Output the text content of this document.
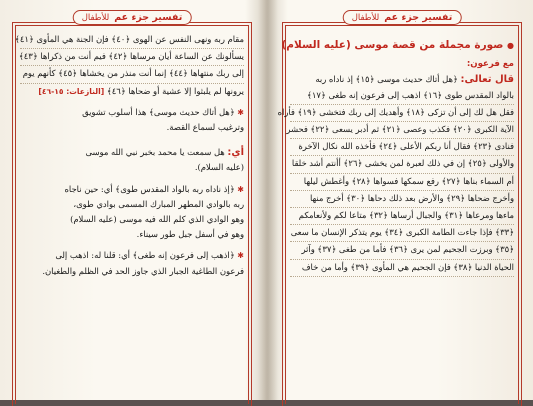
تفسير جزء عم
للأطفال
مقام ربه ونهى النفس عن الهوى ﴿٤٠﴾ فإن الجنة هي المأوى ﴿٤١﴾
يسألونك عن الساعة أيان مرساها ﴿٤٢﴾ فيم أنت من ذكراها ﴿٤٣﴾
إلى ربك منتهاها ﴿٤٤﴾ إنما أنت منذر من يخشاها ﴿٤٥﴾ كأنهم يوم
يرونها لم يلبثوا إلا عشية أو ضحاها ﴿٤٦﴾ [النازعات: ١٥-٤٦]
✱ ﴿هل أتاك حديث موسى﴾ هذا أسلوب تشويق
وترغيب لسماع القصة.
أي: هل سمعت يا محمد بخبر نبي الله موسى
(عليه السلام).
✱ ﴿إذ ناداه ربه بالواد المقدس طوى﴾ أي: حين ناجاه
ربه بالوادي المطهر المبارك المسمى بوادي طوى،
وهو الوادي الذي كلم الله فيه موسى (عليه السلام)
وهو في أسفل جبل طور سيناء.
✱ ﴿اذهب إلى فرعون إنه طغى﴾ أي: قلنا له: اذهب إلى
فرعون الطاغية الجبار الذي جاوز الحد في الظلم والطغيان.
تفسير جزء عم
للأطفال
● صورة مجملة من قصة موسى (عليه السلام)
مع فرعون:
قال تعالى: ﴿هل أتاك حديث موسى ﴿١٥﴾ إذ ناداه ربه
بالواد المقدس طوى ﴿١٦﴾ اذهب إلى فرعون إنه طغى ﴿١٧﴾
فقل هل لك إلى أن تزكى ﴿١٨﴾ وأهديك إلى ربك فتخشى ﴿١٩﴾ فأراه
الآية الكبرى ﴿٢٠﴾ فكذب وعصى ﴿٢١﴾ ثم أدبر يسعى ﴿٢٢﴾ فحشر
فنادى ﴿٢٣﴾ فقال أنا ربكم الأعلى ﴿٢٤﴾ فأخذه الله نكال الآخرة
والأولى ﴿٢٥﴾ إن في ذلك لعبرة لمن يخشى ﴿٢٦﴾ أأنتم أشد خلقا
أم السماء بناها ﴿٢٧﴾ رفع سمكها فسواها ﴿٢٨﴾ وأغطش ليلها
وأخرج ضحاها ﴿٢٩﴾ والأرض بعد ذلك دحاها ﴿٣٠﴾ أخرج منها
ماءها ومرعاها ﴿٣١﴾ والجبال أرساها ﴿٣٢﴾ متاعا لكم ولأنعامكم
﴿٣٣﴾ فإذا جاءت الطامة الكبرى ﴿٣٤﴾ يوم يتذكر الإنسان ما سعى
﴿٣٥﴾ وبرزت الجحيم لمن يرى ﴿٣٦﴾ فأما من طغى ﴿٣٧﴾ وآثر
الحياة الدنيا ﴿٣٨﴾ فإن الجحيم هي المأوى ﴿٣٩﴾ وأما من خاف
